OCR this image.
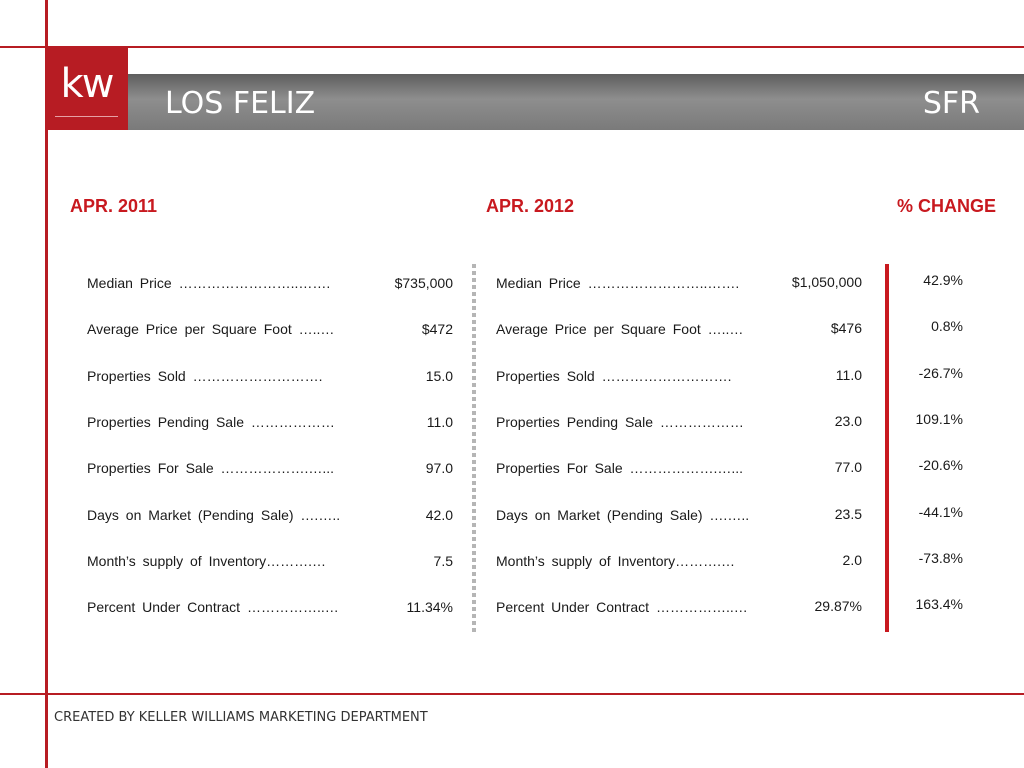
kw	LOS FELIZ	SFR
APR. 2011	APR. 2012	% CHANGE
Median Price ……………………..…….	$735,000	Median Price ……………………..…….	$1,050,000	42.9%
Average Price per Square Foot …..…	$472	Average Price per Square Foot …..…	$476	0.8%
Properties Sold ……………………….	15.0	Properties Sold ……………………….	11.0	-26.7%
Properties Pending Sale ………………	11.0	Properties Pending Sale ………………	23.0	109.1%
Properties For Sale ……………….…...	97.0	Properties For Sale ……………….…...	77.0	-20.6%
Days on Market (Pending Sale) ….…..	42.0	Days on Market (Pending Sale) ….…..	23.5	-44.1%
Month’s supply of Inventory……….…	7.5	Month’s supply of Inventory……….…	2.0	-73.8%
Percent Under Contract ……………..…	11.34%	Percent Under Contract ……………..…	29.87%	163.4%
CREATED BY KELLER WILLIAMS MARKETING DEPARTMENT
